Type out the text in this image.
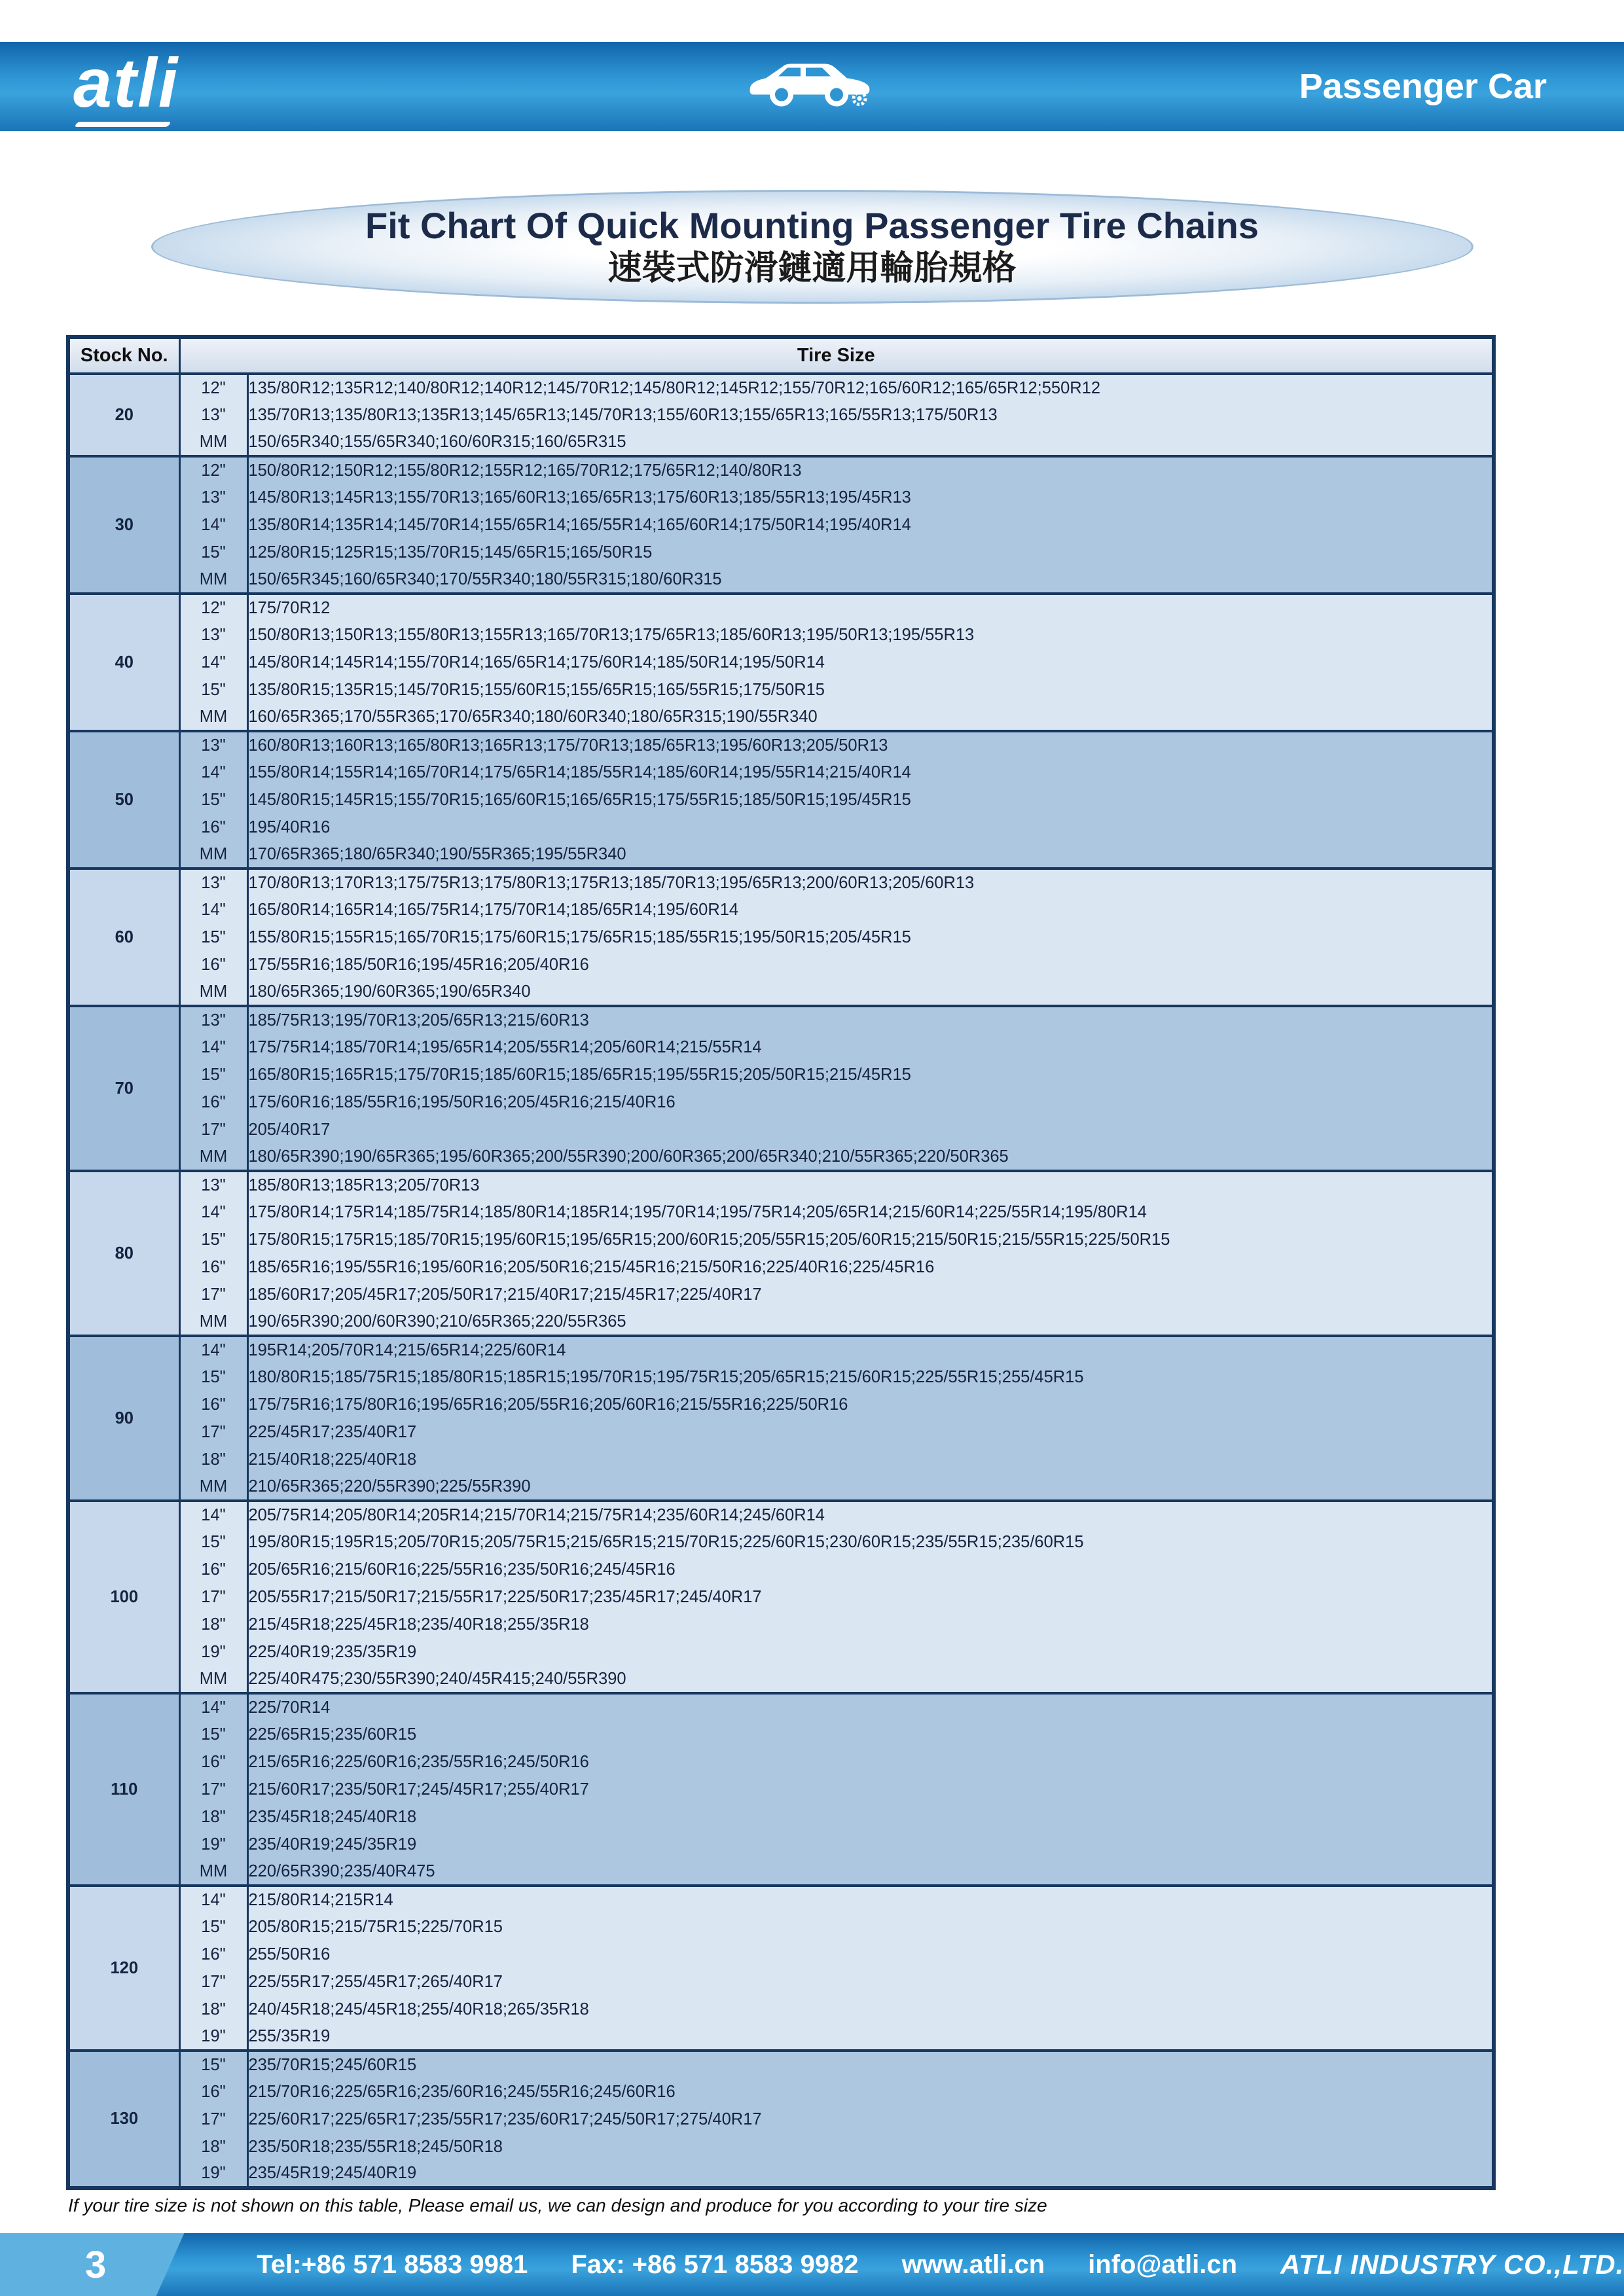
atli	Passenger Car
Fit Chart Of Quick Mounting Passenger Tire Chains
速裝式防滑鏈適用輪胎規格
Stock No.	Tire Size	
20	12"	135/80R12;135R12;140/80R12;140R12;145/70R12;145/80R12;145R12;155/70R12;165/60R12;165/65R12;550R12
	13"	135/70R13;135/80R13;135R13;145/65R13;145/70R13;155/60R13;155/65R13;165/55R13;175/50R13
	MM	150/65R340;155/65R340;160/60R315;160/65R315
30	12"	150/80R12;150R12;155/80R12;155R12;165/70R12;175/65R12;140/80R13
	13"	145/80R13;145R13;155/70R13;165/60R13;165/65R13;175/60R13;185/55R13;195/45R13
	14"	135/80R14;135R14;145/70R14;155/65R14;165/55R14;165/60R14;175/50R14;195/40R14
	15"	125/80R15;125R15;135/70R15;145/65R15;165/50R15
	MM	150/65R345;160/65R340;170/55R340;180/55R315;180/60R315
40	12"	175/70R12
	13"	150/80R13;150R13;155/80R13;155R13;165/70R13;175/65R13;185/60R13;195/50R13;195/55R13
	14"	145/80R14;145R14;155/70R14;165/65R14;175/60R14;185/50R14;195/50R14
	15"	135/80R15;135R15;145/70R15;155/60R15;155/65R15;165/55R15;175/50R15
	MM	160/65R365;170/55R365;170/65R340;180/60R340;180/65R315;190/55R340
50	13"	160/80R13;160R13;165/80R13;165R13;175/70R13;185/65R13;195/60R13;205/50R13
	14"	155/80R14;155R14;165/70R14;175/65R14;185/55R14;185/60R14;195/55R14;215/40R14
	15"	145/80R15;145R15;155/70R15;165/60R15;165/65R15;175/55R15;185/50R15;195/45R15
	16"	195/40R16
	MM	170/65R365;180/65R340;190/55R365;195/55R340
60	13"	170/80R13;170R13;175/75R13;175/80R13;175R13;185/70R13;195/65R13;200/60R13;205/60R13
	14"	165/80R14;165R14;165/75R14;175/70R14;185/65R14;195/60R14
	15"	155/80R15;155R15;165/70R15;175/60R15;175/65R15;185/55R15;195/50R15;205/45R15
	16"	175/55R16;185/50R16;195/45R16;205/40R16
	MM	180/65R365;190/60R365;190/65R340
70	13"	185/75R13;195/70R13;205/65R13;215/60R13
	14"	175/75R14;185/70R14;195/65R14;205/55R14;205/60R14;215/55R14
	15"	165/80R15;165R15;175/70R15;185/60R15;185/65R15;195/55R15;205/50R15;215/45R15
	16"	175/60R16;185/55R16;195/50R16;205/45R16;215/40R16
	17"	205/40R17
	MM	180/65R390;190/65R365;195/60R365;200/55R390;200/60R365;200/65R340;210/55R365;220/50R365
80	13"	185/80R13;185R13;205/70R13
	14"	175/80R14;175R14;185/75R14;185/80R14;185R14;195/70R14;195/75R14;205/65R14;215/60R14;225/55R14;195/80R14
	15"	175/80R15;175R15;185/70R15;195/60R15;195/65R15;200/60R15;205/55R15;205/60R15;215/50R15;215/55R15;225/50R15
	16"	185/65R16;195/55R16;195/60R16;205/50R16;215/45R16;215/50R16;225/40R16;225/45R16
	17"	185/60R17;205/45R17;205/50R17;215/40R17;215/45R17;225/40R17
	MM	190/65R390;200/60R390;210/65R365;220/55R365
90	14"	195R14;205/70R14;215/65R14;225/60R14
	15"	180/80R15;185/75R15;185/80R15;185R15;195/70R15;195/75R15;205/65R15;215/60R15;225/55R15;255/45R15
	16"	175/75R16;175/80R16;195/65R16;205/55R16;205/60R16;215/55R16;225/50R16
	17"	225/45R17;235/40R17
	18"	215/40R18;225/40R18
	MM	210/65R365;220/55R390;225/55R390
100	14"	205/75R14;205/80R14;205R14;215/70R14;215/75R14;235/60R14;245/60R14
	15"	195/80R15;195R15;205/70R15;205/75R15;215/65R15;215/70R15;225/60R15;230/60R15;235/55R15;235/60R15
	16"	205/65R16;215/60R16;225/55R16;235/50R16;245/45R16
	17"	205/55R17;215/50R17;215/55R17;225/50R17;235/45R17;245/40R17
	18"	215/45R18;225/45R18;235/40R18;255/35R18
	19"	225/40R19;235/35R19
	MM	225/40R475;230/55R390;240/45R415;240/55R390
110	14"	225/70R14
	15"	225/65R15;235/60R15
	16"	215/65R16;225/60R16;235/55R16;245/50R16
	17"	215/60R17;235/50R17;245/45R17;255/40R17
	18"	235/45R18;245/40R18
	19"	235/40R19;245/35R19
	MM	220/65R390;235/40R475
120	14"	215/80R14;215R14
	15"	205/80R15;215/75R15;225/70R15
	16"	255/50R16
	17"	225/55R17;255/45R17;265/40R17
	18"	240/45R18;245/45R18;255/40R18;265/35R18
	19"	255/35R19
130	15"	235/70R15;245/60R15
	16"	215/70R16;225/65R16;235/60R16;245/55R16;245/60R16
	17"	225/60R17;225/65R17;235/55R17;235/60R17;245/50R17;275/40R17
	18"	235/50R18;235/55R18;245/50R18
	19"	235/45R19;245/40R19
If your tire size is not shown on this table, Please email us, we can design and produce for you according to your tire size
3	Tel:+86 571 8583 9981 Fax: +86 571 8583 9982 www.atli.cn info@atli.cn ATLI INDUSTRY CO.,LTD.
